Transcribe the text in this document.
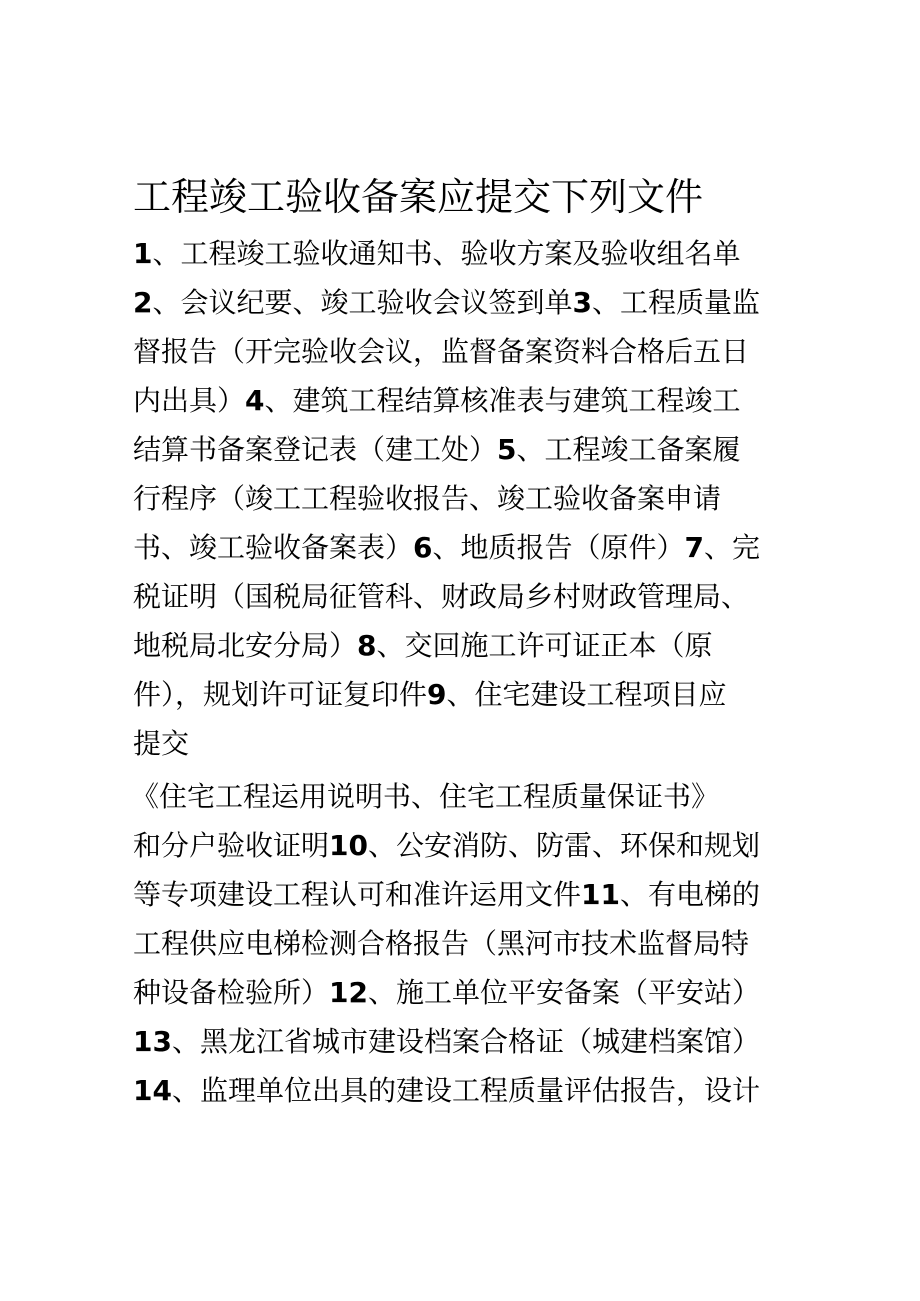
工程竣工验收备案应提交下列文件
1、工程竣工验收通知书、验收方案及验收组名单
2、会议纪要、竣工验收会议签到单3、工程质量监
督报告（开完验收会议，监督备案资料合格后五日
内出具）4、建筑工程结算核准表与建筑工程竣工
结算书备案登记表（建工处）5、工程竣工备案履
行程序（竣工工程验收报告、竣工验收备案申请
书、竣工验收备案表）6、地质报告（原件）7、完
税证明（国税局征管科、财政局乡村财政管理局、
地税局北安分局）8、交回施工许可证正本（原
件），规划许可证复印件9、住宅建设工程项目应
提交
《住宅工程运用说明书、住宅工程质量保证书》
和分户验收证明10、公安消防、防雷、环保和规划
等专项建设工程认可和准许运用文件11、有电梯的
工程供应电梯检测合格报告（黑河市技术监督局特
种设备检验所）12、施工单位平安备案（平安站）
13、黑龙江省城市建设档案合格证（城建档案馆）
14、监理单位出具的建设工程质量评估报告，设计
